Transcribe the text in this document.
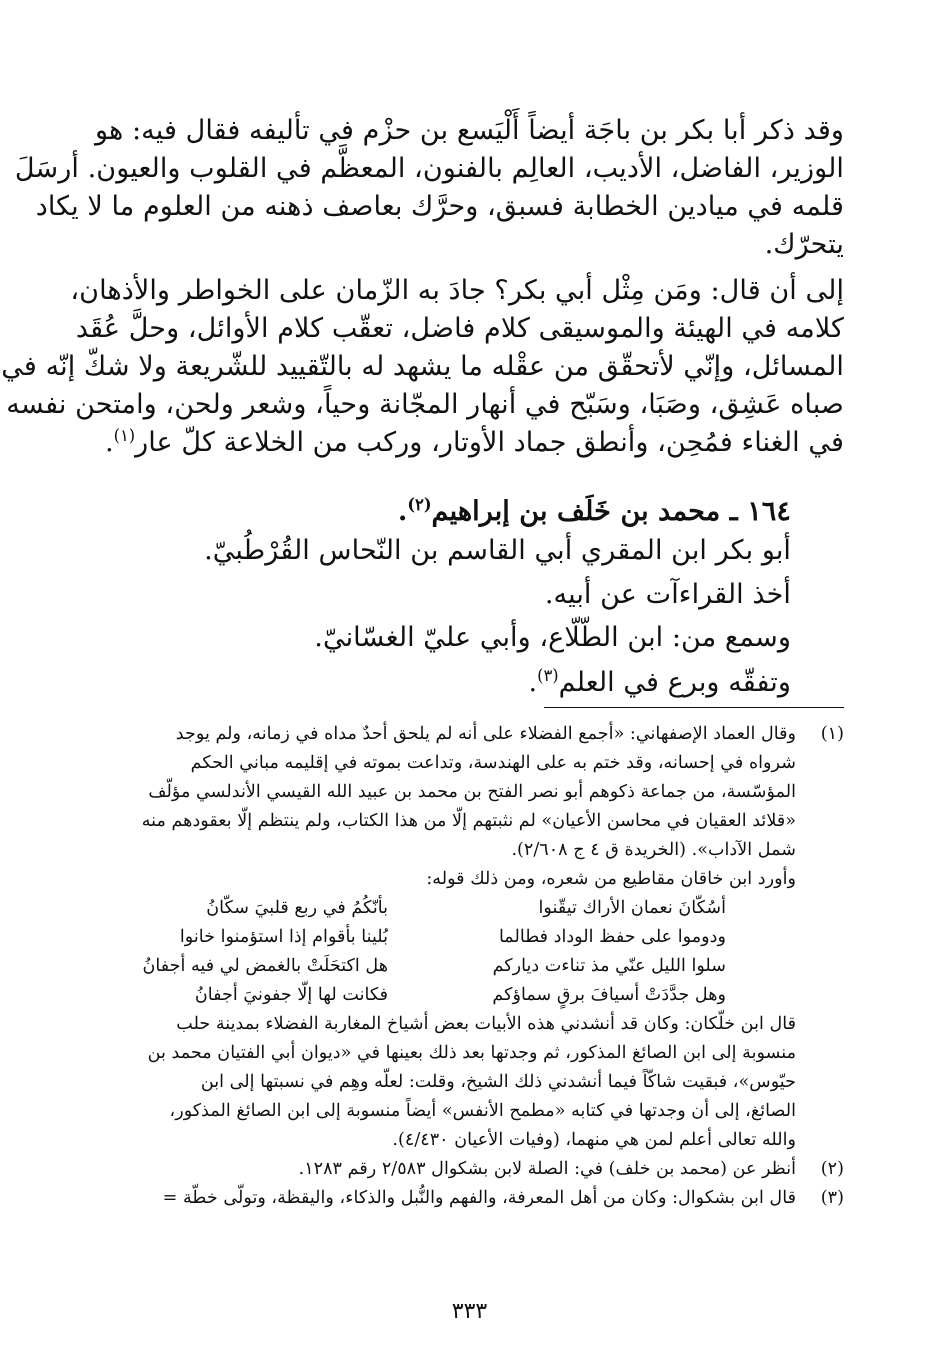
وقد ذكر أبا بكر بن باجَة أيضاً أَلْيَسع بن حزْم في تأليفه فقال فيه: هو
الوزير، الفاضل، الأديب، العالِم بالفنون، المعظَّم في القلوب والعيون. أرسَلَ
قلمه في ميادين الخطابة فسبق، وحرَّك بعاصف ذهنه من العلوم ما لا يكاد
يتحرّك.
إلى أن قال: ومَن مِثْل أبي بكر؟ جادَ به الزّمان على الخواطر والأذهان،
كلامه في الهيئة والموسيقى كلام فاضل، تعقّب كلام الأوائل، وحلَّ عُقَد
المسائل، وإنّي لأتحقّق من عقْله ما يشهد له بالتّقييد للشّريعة ولا شكّ إنّه في
صباه عَشِق، وصَبَا، وسَبّح في أنهار المجّانة وحياً، وشعر ولحن، وامتحن نفسه
في الغناء فمُحِن، وأنطق جماد الأوتار، وركب من الخلاعة كلّ عار$^{(١)}$.
١٦٤ ـ محمد بن خَلَف بن إبراهيم$^{(٢)}$.
أبو بكر ابن المقري أبي القاسم بن النّحاس القُرْطُبيّ.
أخذ القراءآت عن أبيه.
وسمع من: ابن الطّلّاع، وأبي عليّ الغسّانيّ.
وتفقّه وبرع في العلم$^{(٣)}$.
(١)
وقال العماد الإصفهاني: «أجمع الفضلاء على أنه لم يلحق أحدٌ مداه في زمانه، ولم يوجد
شرواه في إحسانه، وقد ختم به على الهندسة، وتداعت بموته في إقليمه مباني الحكم
المؤسّسة، من جماعة ذكوهم أبو نصر الفتح بن محمد بن عبيد الله القيسي الأندلسي مؤلّف
«قلائد العقيان في محاسن الأعيان» لم نثبتهم إلّا من هذا الكتاب، ولم ينتظم إلّا بعقودهم منه
شمل الآداب». (الخريدة ق ٤ ج ٢/٦٠٨).
وأورد ابن خاقان مقاطيع من شعره، ومن ذلك قوله:
أسُكّانَ نعمان الأراك تيقّنوا
بأنّكُمُ في ربع قلبيَ سكّانُ
ودوموا على حفظ الوداد فطالما
بُلينا بأقوام إذا استؤمنوا خانوا
سلوا الليل عنّي مذ تناءت دياركم
هل اكتحَلَتْ بالغمض لي فيه أجفانُ
وهل جدَّدَتْ أسيافَ برقٍ سماؤكم
فكانت لها إلّا جفونيَ أجفانُ
قال ابن خلّكان: وكان قد أنشدني هذه الأبيات بعض أشياخ المغاربة الفضلاء بمدينة حلب
منسوبة إلى ابن الصائغ المذكور، ثم وجدتها بعد ذلك بعينها في «ديوان أبي الفتيان محمد بن
حيّوس»، فبقيت شاكّاً فيما أنشدني ذلك الشيخ، وقلت: لعلّه وهِم في نسبتها إلى ابن
الصائغ، إلى أن وجدتها في كتابه «مطمح الأنفس» أيضاً منسوبة إلى ابن الصائغ المذكور،
والله تعالى أعلم لمن هي منهما، (وفيات الأعيان ٤/٤٣٠).
(٢)
أنظر عن (محمد بن خلف) في: الصلة لابن بشكوال ٢/٥٨٣ رقم ١٢٨٣.
(٣)
قال ابن بشكوال: وكان من أهل المعرفة، والفهم والنُّبل والذكاء، واليقظة، وتولّى خطّة =
٣٣٣
